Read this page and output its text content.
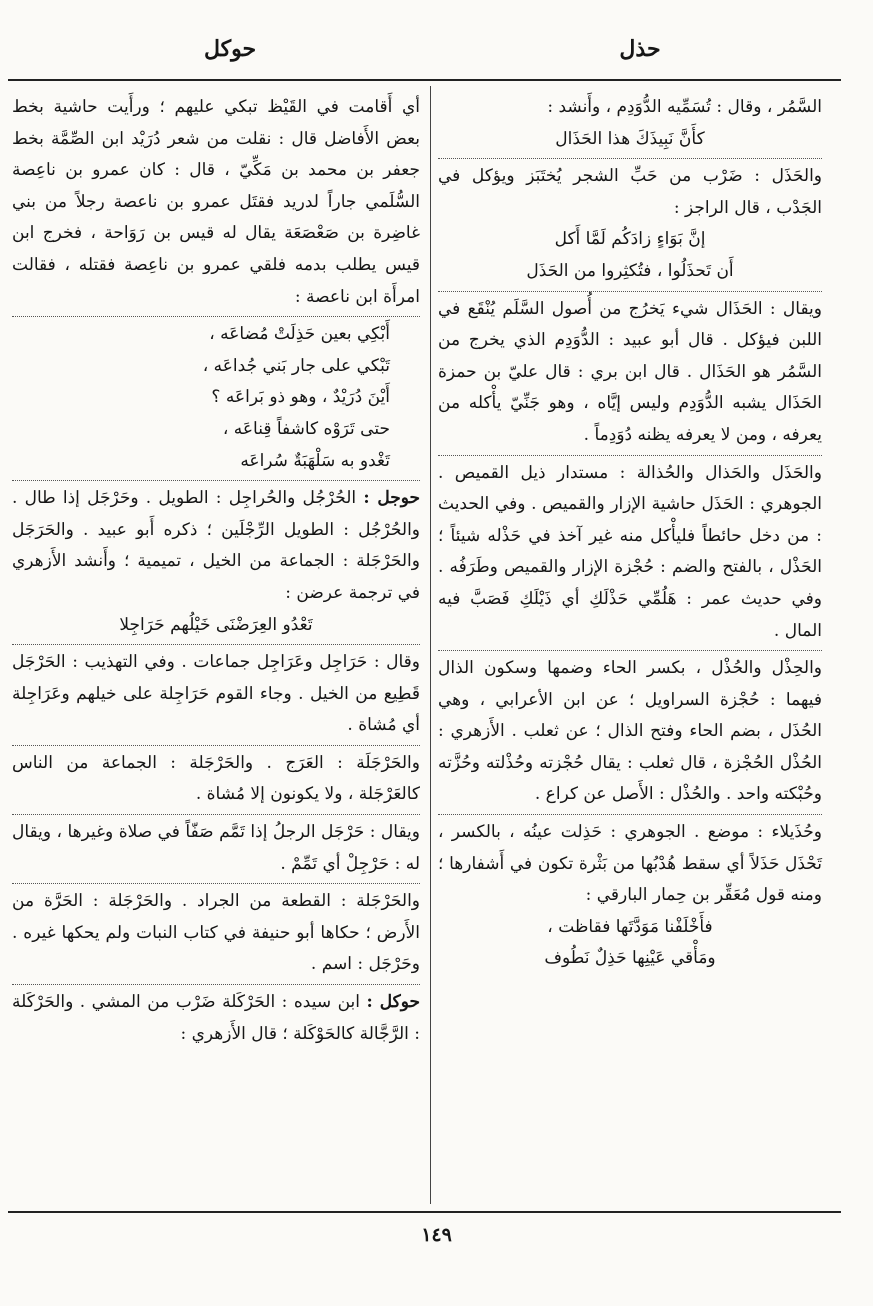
حذل
حوكل

السَّمُر ، وقال : تُسَمِّيه الدُّوَدِم ، وأَنشد :

كأَنَّ نَبِيذَكَ هذا الحَذَال

والحَذَل : ضَرْب من حَبِّ الشجر يُختَبَز ويؤكل في الجَدْب ، قال الراجز :

إنَّ بَوَاءٍ زادَكُم لَمَّا أَكل

أَن تَحذَلُوا ، فتُكثِروا من الحَذَل

ويقال : الحَذَال شيء يَخرُج من أُصول السَّلَم يُنْقَع في اللبن فيؤكل . قال أبو عبيد : الدُّوَدِم الذي يخرج من السَّمُر هو الحَذَال . قال ابن بري : قال عليّ بن حمزة الحَذَال يشبه الدُّوَدِم وليس إيَّاه ، وهو جَنِّيّ يأْكله من يعرفه ، ومن لا يعرفه يظنه دُوَدِماً .

والحَذَل والحَذال والحُذالة : مستدار ذيل القميص . الجوهري : الحَذَل حاشية الإزار والقميص . وفي الحديث : من دخل حائطاً فليأْكل منه غير آخذ في حَذْله شيئاً ؛ الحَذْل ، بالفتح والضم : حُجْزة الإزار والقميص وطَرَفُه . وفي حديث عمر : هَلُمِّي حَذْلَكِ أي ذَيْلَكِ فَصَبَّ فيه المال .

والحِذْل والحُذْل ، بكسر الحاء وضمها وسكون الذال فيهما : حُجْزة السراويل ؛ عن ابن الأعرابي ، وهي الحُذَل ، بضم الحاء وفتح الذال ؛ عن ثعلب . الأَزهري : الحُذْل الحُجْزة ، قال ثعلب : يقال حُجْزته وحُذْلته وحُزَّته وحُبْكته واحد . والحُذْل : الأَصل عن كراع .

وحُذَيلاء : موضع . الجوهري : حَذِلت عينُه ، بالكسر ، تَحْذَل حَذَلاً أي سقط هُدْبُها من بَثْرة تكون في أَشفارها ؛ ومنه قول مُعَقِّر بن حِمار البارقي :

فأَخْلَفْنا مَوَدَّتَها فقاظت ،

ومَأْقي عَيْنِها حَذِلٌ نَطُوف

أي أَقامت في القَيْظ تبكي عليهم ؛ ورأَيت حاشية بخط بعض الأَفاضل قال : نقلت من شعر دُرَيْد ابن الصِّمَّة بخط جعفر بن محمد بن مَكِّيّ ، قال : كان عمرو بن ناعِصة السُّلَمي جاراً لدريد فقتَل عمرو بن ناعصة رجلاً من بني غاضِرة بن صَعْصَعَة يقال له قيس بن رَوَاحة ، فخرج ابن قيس يطلب بدمه فلقي عمرو بن ناعِصة فقتله ، فقالت امرأَة ابن ناعصة :

أَبْكِي بعين حَذِلَتْ مُضاعَه ،

تَبْكي على جار بَني جُداعَه ،

أَيْنَ دُرَيْدٌ ، وهو ذو بَراعَه ؟

حتى تَرَوْه كاشفاً قِناعَه ،

تَغْدو به سَلْهَبَةٌ سُراعَه

حوجل : الحُرْجُل والحُراجِل : الطويل . وحَرْجَل إذا طال . والحُرْجُل : الطويل الرِّجْلَين ؛ ذكره أَبو عبيد . والحَرَجَل والحَرْجَلة : الجماعة من الخيل ، تميمية ؛ وأَنشد الأَزهري في ترجمة عرضن :

تَعْدُو العِرَضْنَى خَيْلُهم حَرَاجِلا

وقال : حَرَاجِل وعَرَاجِل جماعات . وفي التهذيب : الحَرْجَل قَطِيع من الخيل . وجاء القوم حَرَاجِلة على خيلهم وعَرَاجِلة أي مُشاة .

والحَرْجَلَة : العَرَج . والحَرْجَلة : الجماعة من الناس كالعَرْجَلة ، ولا يكونون إلا مُشاة .

ويقال : حَرْجَل الرجلُ إذا تَمَّم صَفّاً في صلاة وغيرها ، ويقال له : حَرْجِلْ أي تَمِّمْ .

والحَرْجَلة : القطعة من الجراد . والحَرْجَلة : الحَرَّة من الأَرض ؛ حكاها أبو حنيفة في كتاب النبات ولم يحكها غيره . وحَرْجَل : اسم .

حوكل : ابن سيده : الحَرْكَلة ضَرْب من المشي . والحَرْكَلة : الرَّجَّالة كالحَوْكَلة ؛ قال الأَزهري :

١٤٩
